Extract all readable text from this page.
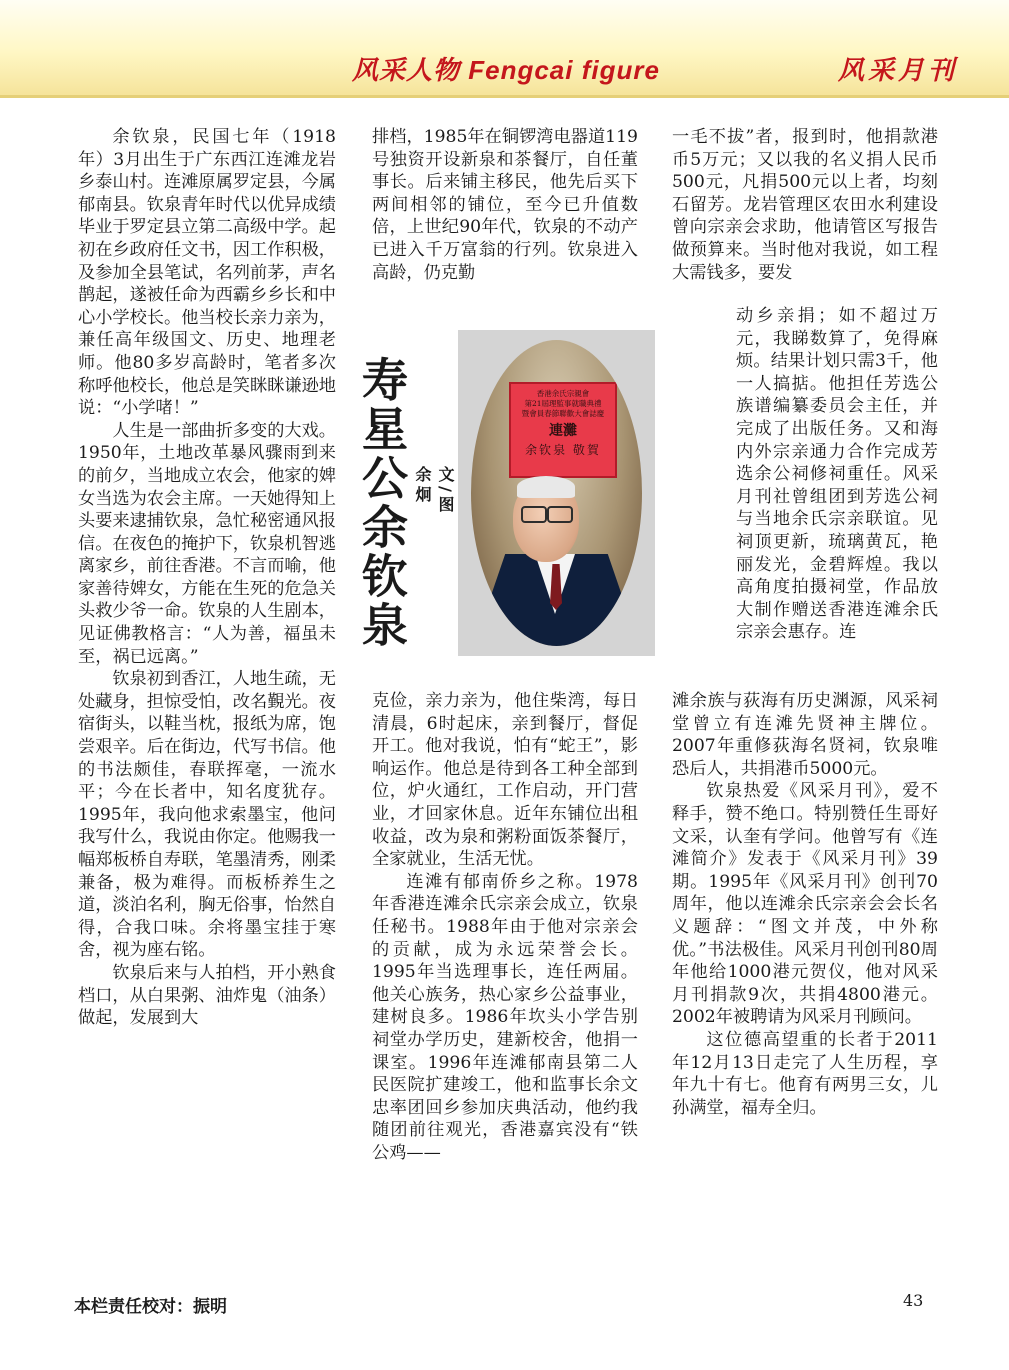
风采人物 Fengcai figure	风采月刊

余钦泉，民国七年（1918年）3月出生于广东西江连滩龙岩乡泰山村。连滩原属罗定县，今属郁南县。钦泉青年时代以优异成绩毕业于罗定县立第二高级中学。起初在乡政府任文书，因工作积极，及参加全县笔试，名列前茅，声名鹊起，遂被任命为西霸乡乡长和中心小学校长。他当校长亲力亲为，兼任高年级国文、历史、地理老师。他80多岁高龄时，笔者多次称呼他校长，他总是笑眯眯谦逊地说：“小学啫！”

人生是一部曲折多变的大戏。1950年，土地改革暴风骤雨到来的前夕，当地成立农会，他家的婢女当选为农会主席。一天她得知上头要来逮捕钦泉，急忙秘密通风报信。在夜色的掩护下，钦泉机智逃离家乡，前往香港。不言而喻，他家善待婢女，方能在生死的危急关头救少爷一命。钦泉的人生剧本，见证佛教格言：“人为善，福虽未至，祸已远离。”

钦泉初到香江，人地生疏，无处藏身，担惊受怕，改名覲光。夜宿街头，以鞋当枕，报纸为席，饱尝艰辛。后在街边，代写书信。他的书法颇佳，春联挥毫，一流水平；今在长者中，知名度犹存。1995年，我向他求索墨宝，他问我写什么，我说由你定。他赐我一幅郑板桥自寿联，笔墨清秀，刚柔兼备，极为难得。而板桥养生之道，淡泊名利，胸无俗事，怡然自得，合我口味。余将墨宝挂于寒舍，视为座右铭。

钦泉后来与人拍档，开小熟食档口，从白果粥、油炸鬼（油条）做起，发展到大

排档，1985年在铜锣湾电器道119号独资开设新泉和茶餐厅，自任董事长。后来铺主移民，他先后买下两间相邻的铺位，至今已升值数倍，上世纪90年代，钦泉的不动产已进入千万富翁的行列。钦泉进入高龄，仍克勤

寿星公余钦泉 文/图
余炯
香港余氏宗親會
第21屆理監事就職典禮
暨會員春節聯歡大會誌慶
連灘
余钦泉 敬賀

克俭，亲力亲为，他住柴湾，每日清晨，6时起床，亲到餐厅，督促开工。他对我说，怕有“蛇王”，影响运作。他总是待到各工种全部到位，炉火通红，工作启动，开门营业，才回家休息。近年东铺位出租收益，改为泉和粥粉面饭茶餐厅，全家就业，生活无忧。

连滩有郁南侨乡之称。1978年香港连滩余氏宗亲会成立，钦泉任秘书。1988年由于他对宗亲会的贡献，成为永远荣誉会长。1995年当选理事长，连任两届。他关心族务，热心家乡公益事业，建树良多。1986年坎头小学告别祠堂办学历史，建新校舍，他捐一课室。1996年连滩郁南县第二人民医院扩建竣工，他和监事长余文忠率团回乡参加庆典活动，他约我随团前往观光，香港嘉宾没有“铁公鸡——

一毛不拔”者，报到时，他捐款港币5万元；又以我的名义捐人民币500元，凡捐500元以上者，均刻石留芳。龙岩管理区农田水利建设曾向宗亲会求助，他请管区写报告做预算来。当时他对我说，如工程大需钱多，要发

动乡亲捐；如不超过万元，我睇数算了，免得麻烦。结果计划只需3千，他一人搞掂。他担任芳选公族谱编纂委员会主任，并完成了出版任务。又和海内外宗亲通力合作完成芳选余公祠修祠重任。风采月刊社曾组团到芳选公祠与当地余氏宗亲联谊。见祠顶更新，琉璃黄瓦，艳丽发光，金碧辉煌。我以高角度拍摄祠堂，作品放大制作赠送香港连滩余氏宗亲会惠存。连

滩余族与荻海有历史渊源，风采祠堂曾立有连滩先贤神主牌位。2007年重修荻海名贤祠，钦泉唯恐后人，共捐港币5000元。

钦泉热爱《风采月刊》，爱不释手，赞不绝口。特别赞任生哥好文采，认奎有学问。他曾写有《连滩简介》发表于《风采月刊》39期。1995年《风采月刊》创刊70周年，他以连滩余氏宗亲会会长名义题辞：“图文并茂，中外称优。”书法极佳。风采月刊创刊80周年他给1000港元贺仪，他对风采月刊捐款9次，共捐4800港元。2002年被聘请为风采月刊顾问。

这位德高望重的长者于2011年12月13日走完了人生历程，享年九十有七。他育有两男三女，儿孙满堂，福寿全归。

本栏责任校对：振明	43
